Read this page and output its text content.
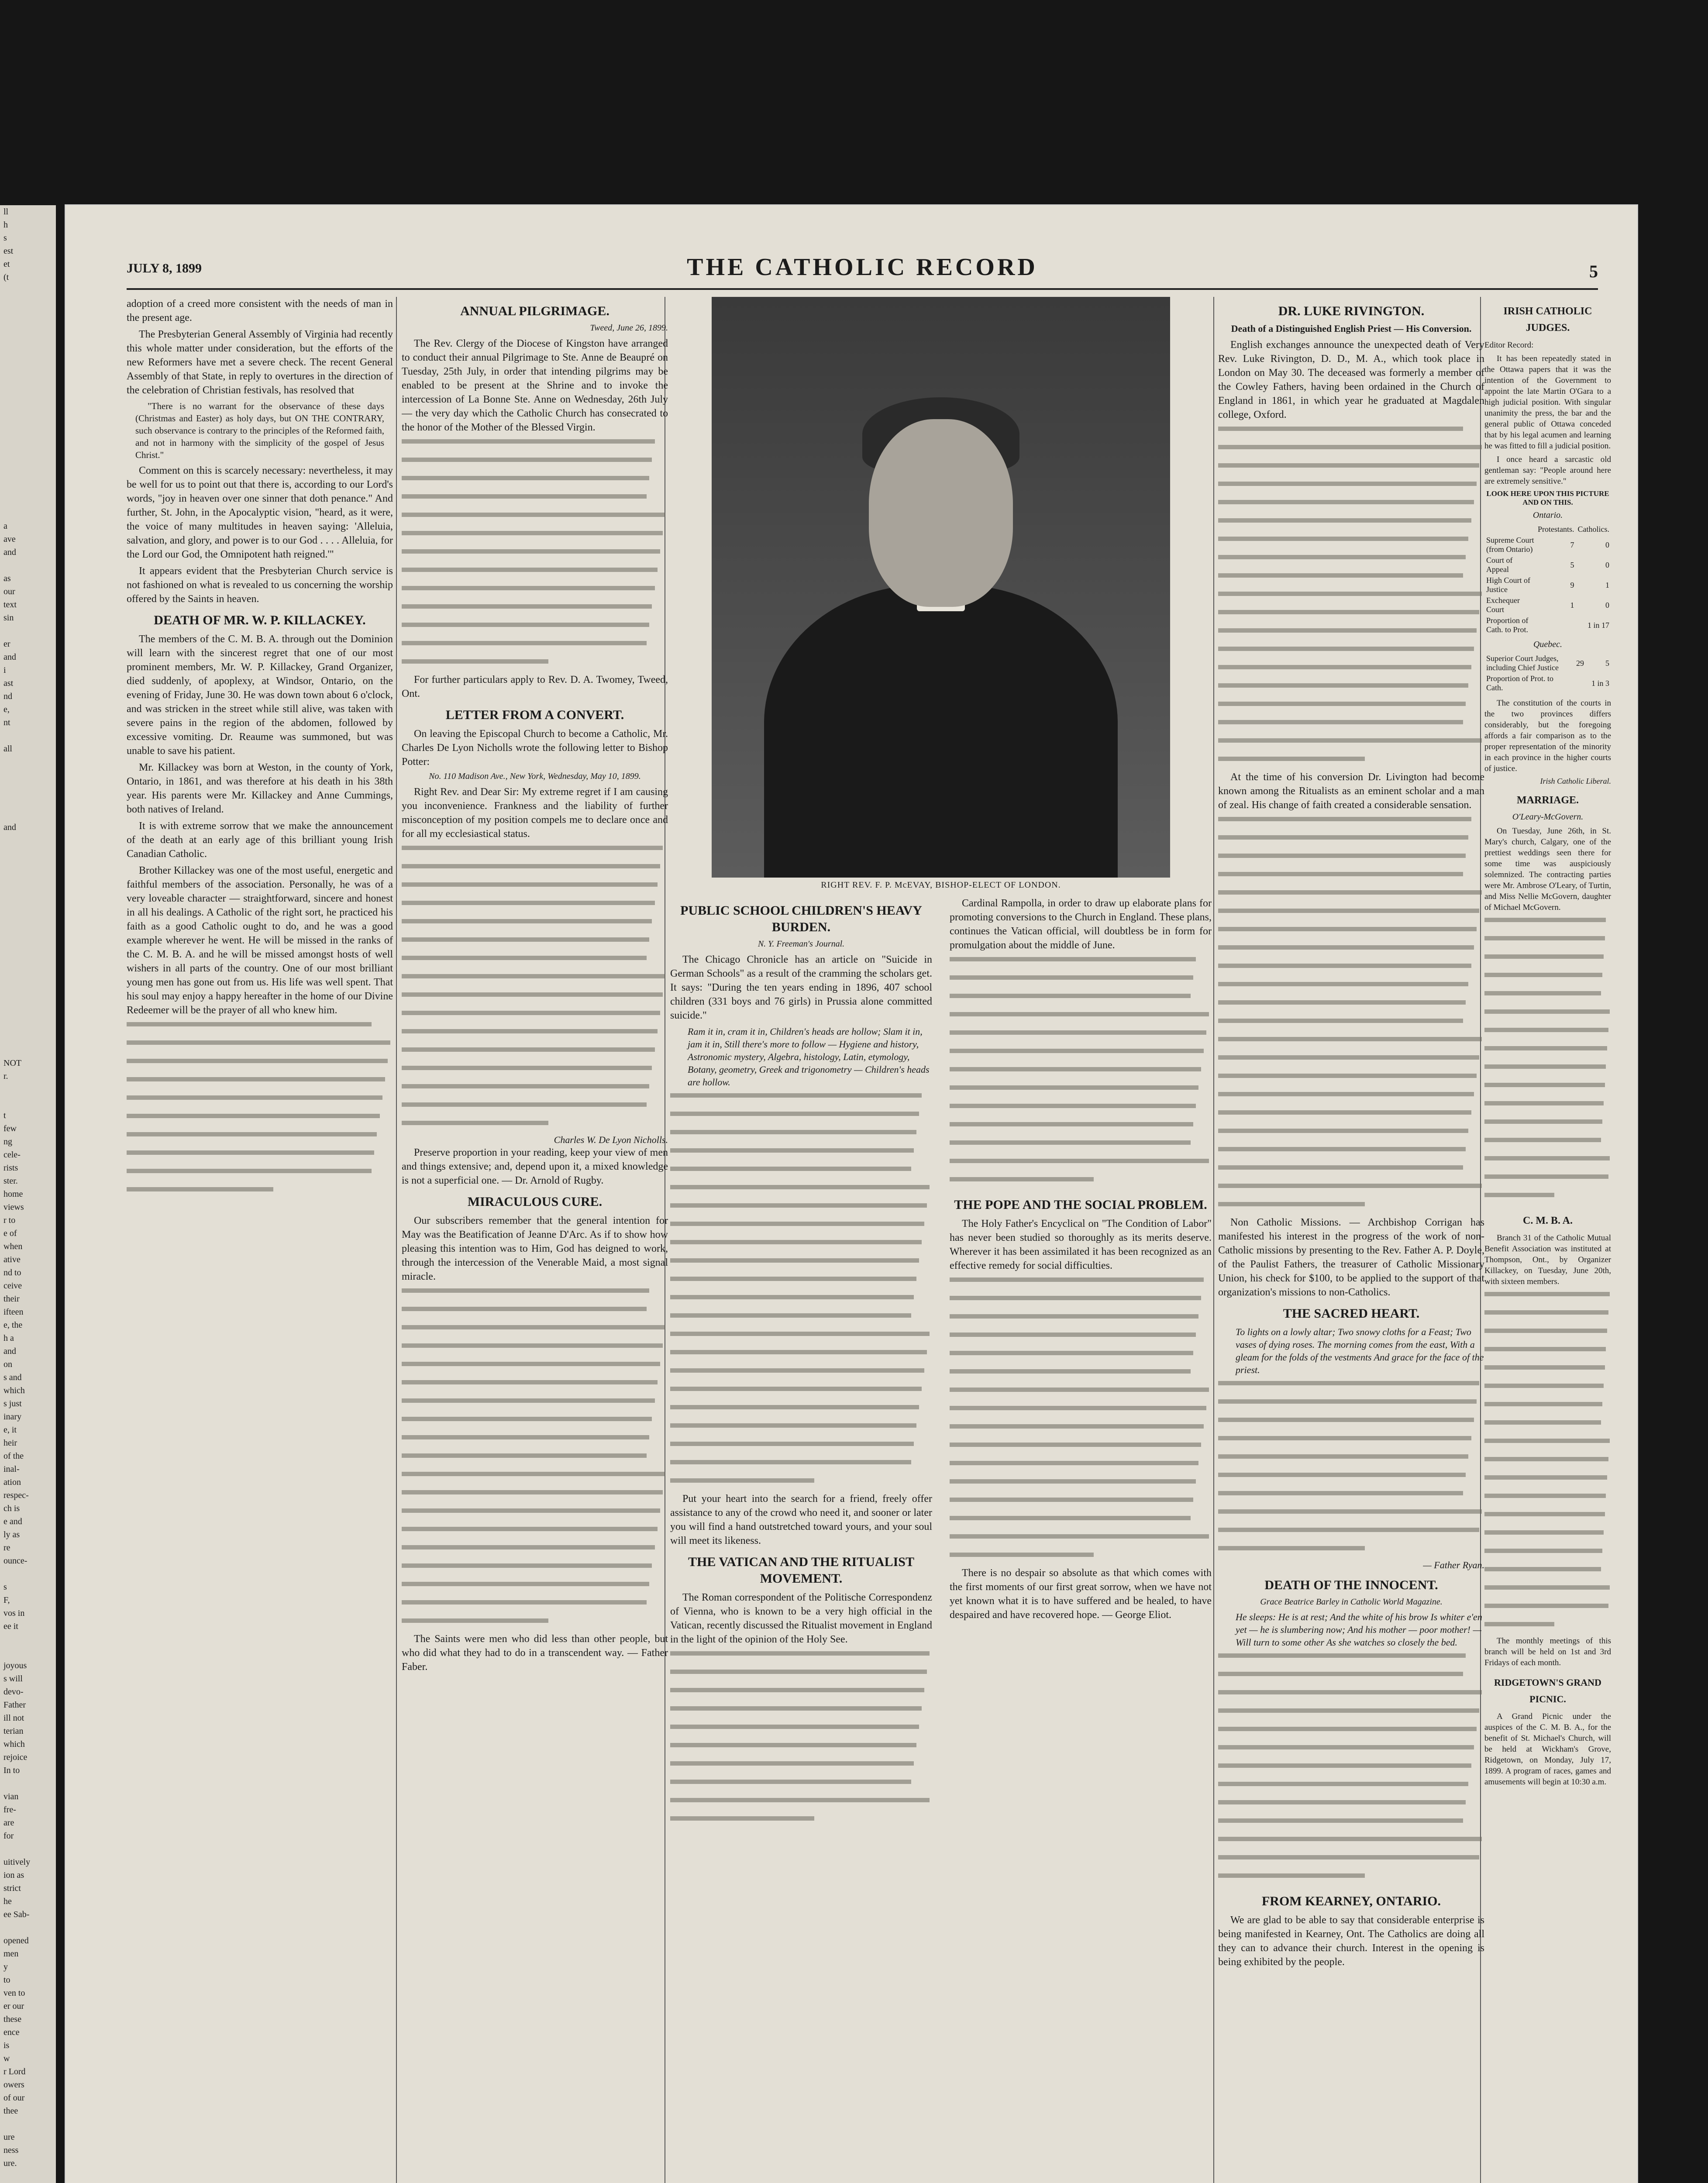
ll
h
s
est
et
(t
a
ave
and
as
our
text
sin
er
and
i
ast
nd
e,
nt
all
and
NOT
r.
t
few
ng
cele-
rists
ster.
home
views
r to
e of
when
ative
nd to
ceive
their
ifteen
e, the
h a
and
on
s and
which
s just
inary
e, it
heir
of the
inal-
ation
respec-
ch is
e and
ly as
re
ounce-
s
F,
vos in
ee it
joyous
s will
devo-
Father
ill not
terian
which
rejoice
In to
vian
fre-
are
for
uitively
ion as
strict
he
ee Sab-
opened
men
y
to
ven to
er our
these
ence
is
w
r Lord
owers
of our
thee
ure
ness
ure.
JULY 8, 1899	THE CATHOLIC RECORD	5

adoption of a creed more consistent with the needs of man in the present age.

The Presbyterian General Assembly of Virginia had recently this whole matter under consideration, but the efforts of the new Reformers have met a severe check. The recent General Assembly of that State, in reply to overtures in the direction of the celebration of Christian festivals, has resolved that

"There is no warrant for the observance of these days (Christmas and Easter) as holy days, but ON THE CONTRARY, such observance is contrary to the principles of the Reformed faith, and not in harmony with the simplicity of the gospel of Jesus Christ."

Comment on this is scarcely necessary: nevertheless, it may be well for us to point out that there is, according to our Lord's words, "joy in heaven over one sinner that doth penance." And further, St. John, in the Apocalyptic vision, "heard, as it were, the voice of many multitudes in heaven saying: 'Alleluia, salvation, and glory, and power is to our God . . . . Alleluia, for the Lord our God, the Omnipotent hath reigned.'"

It appears evident that the Presbyterian Church service is not fashioned on what is revealed to us concerning the worship offered by the Saints in heaven.

DEATH OF MR. W. P. KILLACKEY.

The members of the C. M. B. A. through out the Dominion will learn with the sincerest regret that one of our most prominent members, Mr. W. P. Killackey, Grand Organizer, died suddenly, of apoplexy, at Windsor, Ontario, on the evening of Friday, June 30. He was down town about 6 o'clock, and was stricken in the street while still alive, was taken with severe pains in the region of the abdomen, followed by excessive vomiting. Dr. Reaume was summoned, but was unable to save his patient.

Mr. Killackey was born at Weston, in the county of York, Ontario, in 1861, and was therefore at his death in his 38th year. His parents were Mr. Killackey and Anne Cummings, both natives of Ireland.

It is with extreme sorrow that we make the announcement of the death at an early age of this brilliant young Irish Canadian Catholic.

Brother Killackey was one of the most useful, energetic and faithful members of the association. Personally, he was of a very loveable character — straightforward, sincere and honest in all his dealings. A Catholic of the right sort, he practiced his faith as a good Catholic ought to do, and he was a good example wherever he went. He will be missed in the ranks of the C. M. B. A. and he will be missed amongst hosts of well wishers in all parts of the country. One of our most brilliant young men has gone out from us. His life was well spent. That his soul may enjoy a happy hereafter in the home of our Divine Redeemer will be the prayer of all who knew him.

ANNUAL PILGRIMAGE.
Tweed, June 26, 1899.

The Rev. Clergy of the Diocese of Kingston have arranged to conduct their annual Pilgrimage to Ste. Anne de Beaupré on Tuesday, 25th July, in order that intending pilgrims may be enabled to be present at the Shrine and to invoke the intercession of La Bonne Ste. Anne on Wednesday, 26th July — the very day which the Catholic Church has consecrated to the honor of the Mother of the Blessed Virgin.

For further particulars apply to Rev. D. A. Twomey, Tweed, Ont.

LETTER FROM A CONVERT.

On leaving the Episcopal Church to become a Catholic, Mr. Charles De Lyon Nicholls wrote the following letter to Bishop Potter:

No. 110 Madison Ave., New York, Wednesday, May 10, 1899.

Right Rev. and Dear Sir: My extreme regret if I am causing you inconvenience. Frankness and the liability of further misconception of my position compels me to declare once and for all my ecclesiastical status.

Charles W. De Lyon Nicholls.

Preserve proportion in your reading, keep your view of men and things extensive; and, depend upon it, a mixed knowledge is not a superficial one. — Dr. Arnold of Rugby.

MIRACULOUS CURE.

Our subscribers remember that the general intention for May was the Beatification of Jeanne D'Arc. As if to show how pleasing this intention was to Him, God has deigned to work, through the intercession of the Venerable Maid, a most signal miracle.

The Saints were men who did less than other people, but who did what they had to do in a transcendent way. — Father Faber.

RIGHT REV. F. P. McEVAY, BISHOP-ELECT OF LONDON.
PUBLIC SCHOOL CHILDREN'S HEAVY BURDEN.
N. Y. Freeman's Journal.

The Chicago Chronicle has an article on "Suicide in German Schools" as a result of the cramming the scholars get. It says: "During the ten years ending in 1896, 407 school children (331 boys and 76 girls) in Prussia alone committed suicide."

Ram it in, cram it in, Children's heads are hollow; Slam it in, jam it in, Still there's more to follow — Hygiene and history, Astronomic mystery, Algebra, histology, Latin, etymology, Botany, geometry, Greek and trigonometry — Children's heads are hollow.

Put your heart into the search for a friend, freely offer assistance to any of the crowd who need it, and sooner or later you will find a hand outstretched toward yours, and your soul will meet its likeness.

THE VATICAN AND THE RITUALIST MOVEMENT.

The Roman correspondent of the Politische Correspondenz of Vienna, who is known to be a very high official in the Vatican, recently discussed the Ritualist movement in England in the light of the opinion of the Holy See.

Cardinal Rampolla, in order to draw up elaborate plans for promoting conversions to the Church in England. These plans, continues the Vatican official, will doubtless be in form for promulgation about the middle of June.

THE POPE AND THE SOCIAL PROBLEM.

The Holy Father's Encyclical on "The Condition of Labor" has never been studied so thoroughly as its merits deserve. Wherever it has been assimilated it has been recognized as an effective remedy for social difficulties.

There is no despair so absolute as that which comes with the first moments of our first great sorrow, when we have not yet known what it is to have suffered and be healed, to have despaired and have recovered hope. — George Eliot.

DR. LUKE RIVINGTON.
Death of a Distinguished English Priest — His Conversion.

English exchanges announce the unexpected death of Very Rev. Luke Rivington, D. D., M. A., which took place in London on May 30. The deceased was formerly a member of the Cowley Fathers, having been ordained in the Church of England in 1861, in which year he graduated at Magdalen college, Oxford.

At the time of his conversion Dr. Livington had become known among the Ritualists as an eminent scholar and a man of zeal. His change of faith created a considerable sensation.

Non Catholic Missions. — Archbishop Corrigan has manifested his interest in the progress of the work of non-Catholic missions by presenting to the Rev. Father A. P. Doyle, of the Paulist Fathers, the treasurer of Catholic Missionary Union, his check for $100, to be applied to the support of that organization's missions to non-Catholics.

THE SACRED HEART.
To lights on a lowly altar; Two snowy cloths for a Feast; Two vases of dying roses. The morning comes from the east, With a gleam for the folds of the vestments And grace for the face of the priest.
— Father Ryan.
DEATH OF THE INNOCENT.
Grace Beatrice Barley in Catholic World Magazine.
He sleeps: He is at rest; And the white of his brow Is whiter e'en yet — he is slumbering now; And his mother — poor mother! — Will turn to some other As she watches so closely the bed.
FROM KEARNEY, ONTARIO.

We are glad to be able to say that considerable enterprise is being manifested in Kearney, Ont. The Catholics are doing all they can to advance their church. Interest in the opening is being exhibited by the people.

IRISH CATHOLIC JUDGES.

Editor Record:

It has been repeatedly stated in the Ottawa papers that it was the intention of the Government to appoint the late Martin O'Gara to a high judicial position. With singular unanimity the press, the bar and the general public of Ottawa conceded that by his legal acumen and learning he was fitted to fill a judicial position.

I once heard a sarcastic old gentleman say: "People around here are extremely sensitive."

LOOK HERE UPON THIS PICTURE AND ON THIS.
Ontario.
	Protestants.	Catholics.
Supreme Court (from Ontario)	7	0
Court of Appeal	5	0
High Court of Justice	9	1
Exchequer Court	1	0
Proportion of Cath. to Prot.		1 in 17
Quebec.
Superior Court Judges, including Chief Justice	29	5
Proportion of Prot. to Cath.		1 in 3

The constitution of the courts in the two provinces differs considerably, but the foregoing affords a fair comparison as to the proper representation of the minority in each province in the higher courts of justice.

Irish Catholic Liberal.
MARRIAGE.
O'Leary-McGovern.

On Tuesday, June 26th, in St. Mary's church, Calgary, one of the prettiest weddings seen there for some time was auspiciously solemnized. The contracting parties were Mr. Ambrose O'Leary, of Turtin, and Miss Nellie McGovern, daughter of Michael McGovern.

C. M. B. A.

Branch 31 of the Catholic Mutual Benefit Association was instituted at Thompson, Ont., by Organizer Killackey, on Tuesday, June 20th, with sixteen members.

The monthly meetings of this branch will be held on 1st and 3rd Fridays of each month.

RIDGETOWN'S GRAND PICNIC.

A Grand Picnic under the auspices of the C. M. B. A., for the benefit of St. Michael's Church, will be held at Wickham's Grove, Ridgetown, on Monday, July 17, 1899. A program of races, games and amusements will begin at 10:30 a.m.
